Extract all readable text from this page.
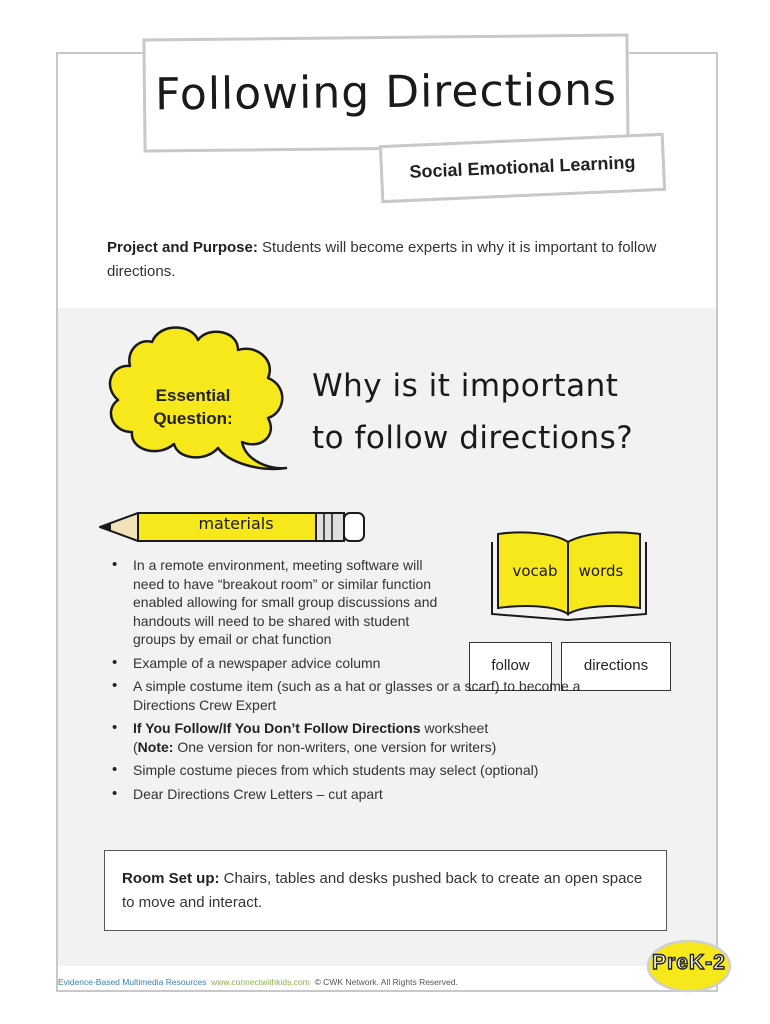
Following Directions
Social Emotional Learning

Project and Purpose: Students will become experts in why it is important to follow directions.

Essential
Question:
Why is it important
to follow directions?
materials
vocab	words
follow	directions
• In a remote environment, meeting software will need to have “breakout room” or similar function enabled allowing for small group discussions and handouts will need to be shared with student groups by email or chat function
• Example of a newspaper advice column
• A simple costume item (such as a hat or glasses or a scarf) to become a Directions Crew Expert
• If You Follow/If You Don’t Follow Directions worksheet
(Note: One version for non-writers, one version for writers)
• Simple costume pieces from which students may select (optional)
• Dear Directions Crew Letters – cut apart

Room Set up: Chairs, tables and desks pushed back to create an open space to move and interact.

PreK-2
Evidence-Based Multimedia Resources www.connectwithkids.com © CWK Network. All Rights Reserved.
